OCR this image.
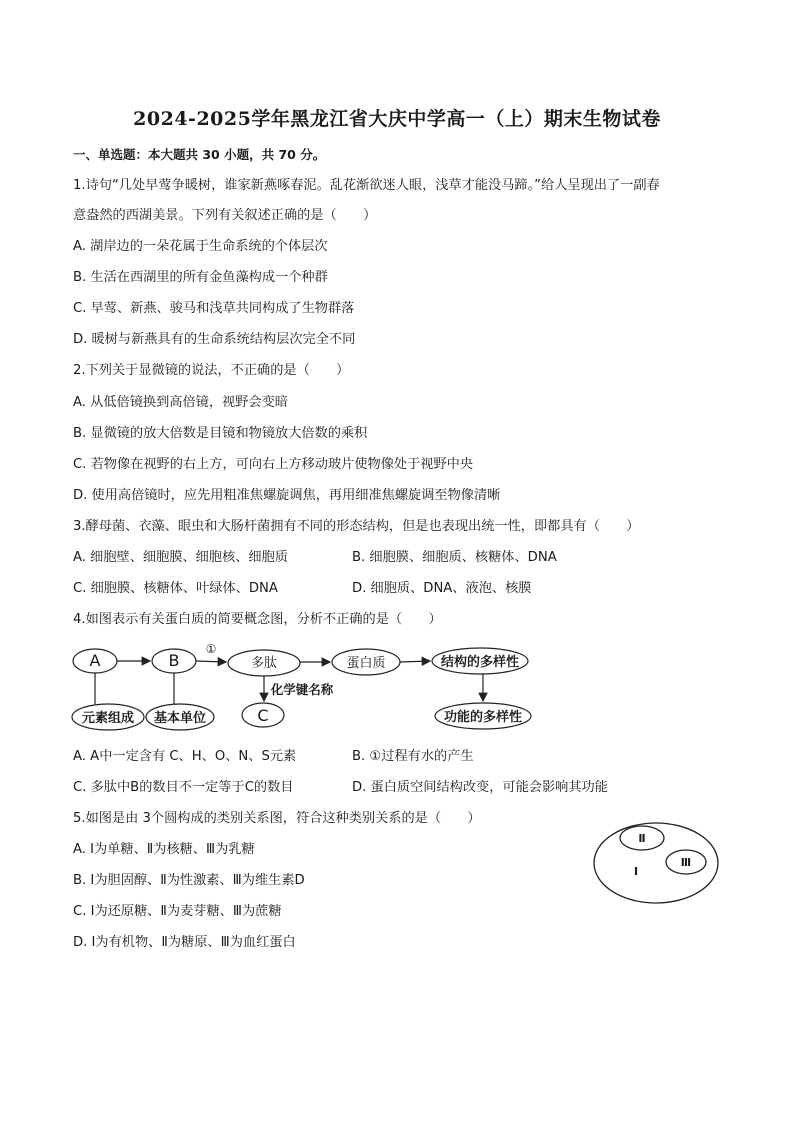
2024-2025学年黑龙江省大庆中学高一（上）期末生物试卷
一、单选题：本大题共 30 小题，共 70 分。
1.诗句“几处早莺争暖树，谁家新燕啄春泥。乱花渐欲迷人眼，浅草才能没马蹄。”给人呈现出了一副春
意盎然的西湖美景。下列有关叙述正确的是（　　）
A. 湖岸边的一朵花属于生命系统的个体层次
B. 生活在西湖里的所有金鱼藻构成一个种群
C. 早莺、新燕、骏马和浅草共同构成了生物群落
D. 暖树与新燕具有的生命系统结构层次完全不同
2.下列关于显微镜的说法，不正确的是（　　）
A. 从低倍镜换到高倍镜，视野会变暗
B. 显微镜的放大倍数是目镜和物镜放大倍数的乘积
C. 若物像在视野的右上方，可向右上方移动玻片使物像处于视野中央
D. 使用高倍镜时，应先用粗准焦螺旋调焦，再用细准焦螺旋调至物像清晰
3.酵母菌、衣藻、眼虫和大肠杆菌拥有不同的形态结构，但是也表现出统一性，即都具有（　　）
A. 细胞壁、细胞膜、细胞核、细胞质	B. 细胞膜、细胞质、核糖体、DNA
C. 细胞膜、核糖体、叶绿体、DNA	D. 细胞质、DNA、液泡、核膜
4.如图表示有关蛋白质的简要概念图，分析不正确的是（　　）
A	B
①
多肽	蛋白质	结构的多样性
元素组成 基本单位
化学键名称
C	功能的多样性
A. A中一定含有 C、H、O、N、S元素	B. ①过程有水的产生
C. 多肽中B的数目不一定等于C的数目	D. 蛋白质空间结构改变，可能会影响其功能
5.如图是由 3个圆构成的类别关系图，符合这种类别关系的是（　　）
Ⅱ
Ⅲ
Ⅰ
A. Ⅰ为单糖、Ⅱ为核糖、Ⅲ为乳糖
B. Ⅰ为胆固醇、Ⅱ为性激素、Ⅲ为维生素D
C. Ⅰ为还原糖、Ⅱ为麦芽糖、Ⅲ为蔗糖
D. Ⅰ为有机物、Ⅱ为糖原、Ⅲ为血红蛋白
